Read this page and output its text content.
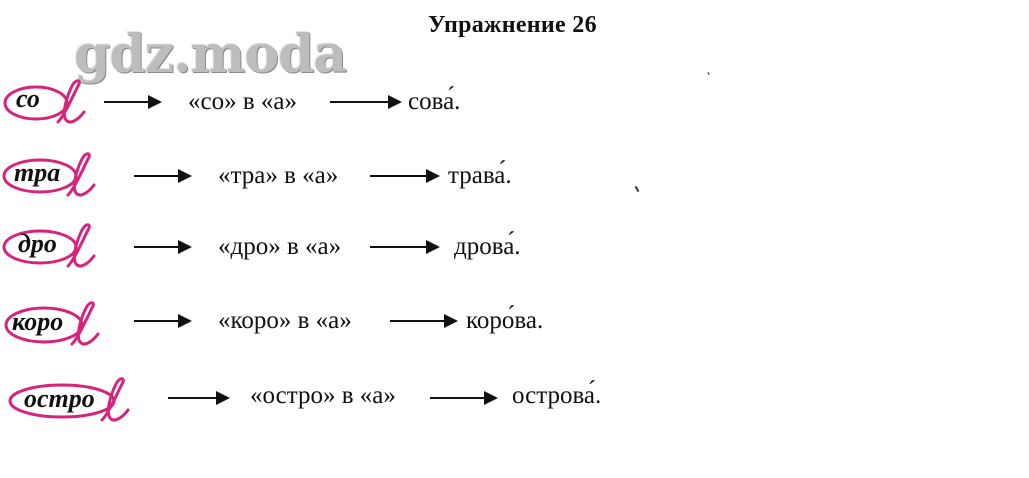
Упражнение 26
gdz.moda
со	«со» в «а»	сова́.
тра	«тра» в «а»	трава́.
дро	«дро» в «а»	дрова́.
коро	«коро» в «а»	коро́ва.
остро	«остро» в «а»	острова́.
